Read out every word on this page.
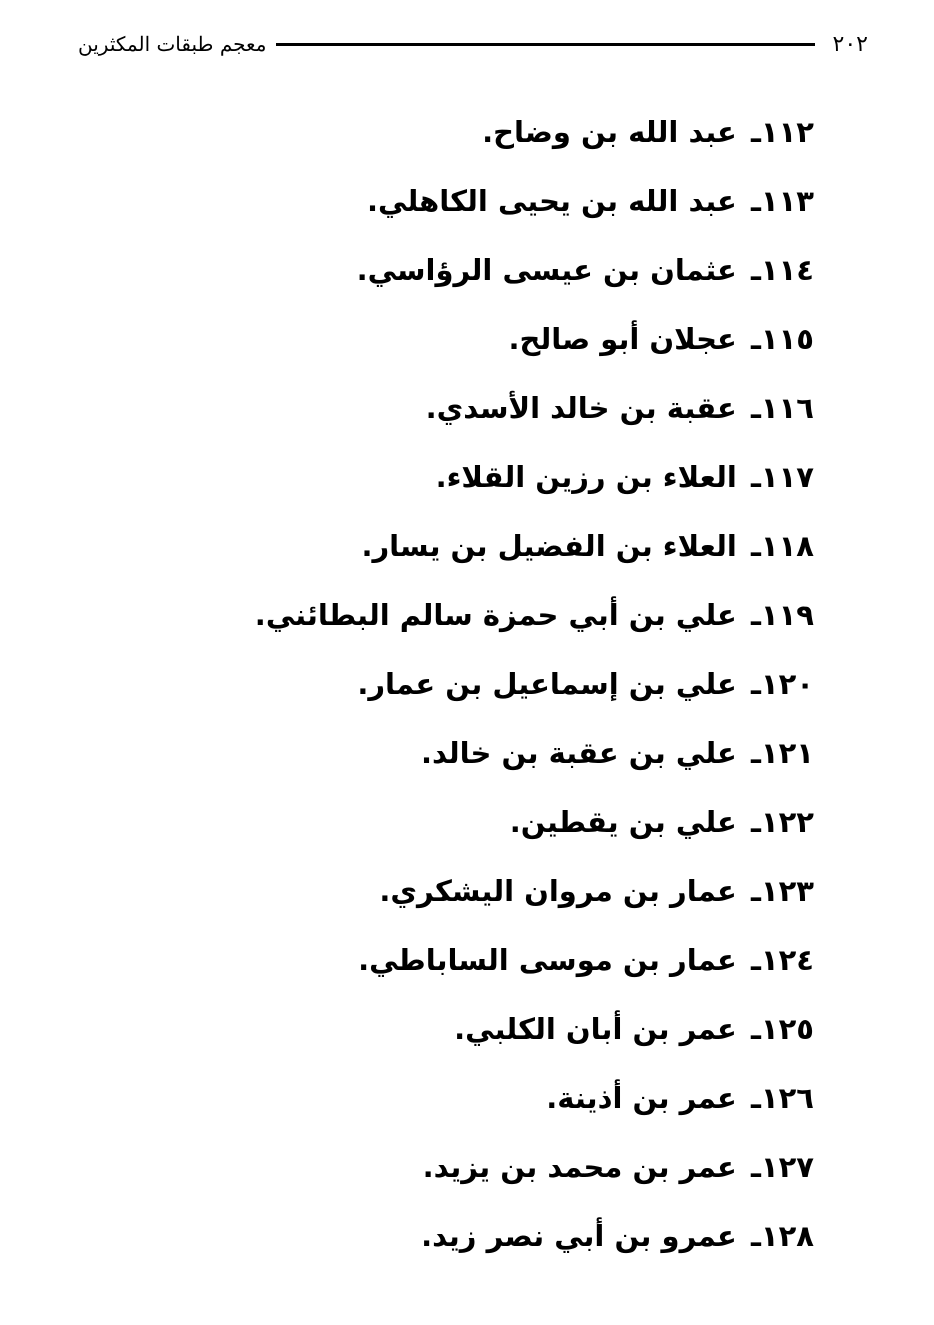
٢٠٢
معجم طبقات المكثرين
١١٢ـ عبد الله بن وضاح.
١١٣ـ عبد الله بن يحيى الكاهلي.
١١٤ـ عثمان بن عيسى الرؤاسي.
١١٥ـ عجلان أبو صالح.
١١٦ـ عقبة بن خالد الأسدي.
١١٧ـ العلاء بن رزين القلاء.
١١٨ـ العلاء بن الفضيل بن يسار.
١١٩ـ علي بن أبي حمزة سالم البطائني.
١٢٠ـ علي بن إسماعيل بن عمار.
١٢١ـ علي بن عقبة بن خالد.
١٢٢ـ علي بن يقطين.
١٢٣ـ عمار بن مروان اليشكري.
١٢٤ـ عمار بن موسى الساباطي.
١٢٥ـ عمر بن أبان الكلبي.
١٢٦ـ عمر بن أذينة.
١٢٧ـ عمر بن محمد بن يزيد.
١٢٨ـ عمرو بن أبي نصر زيد.
